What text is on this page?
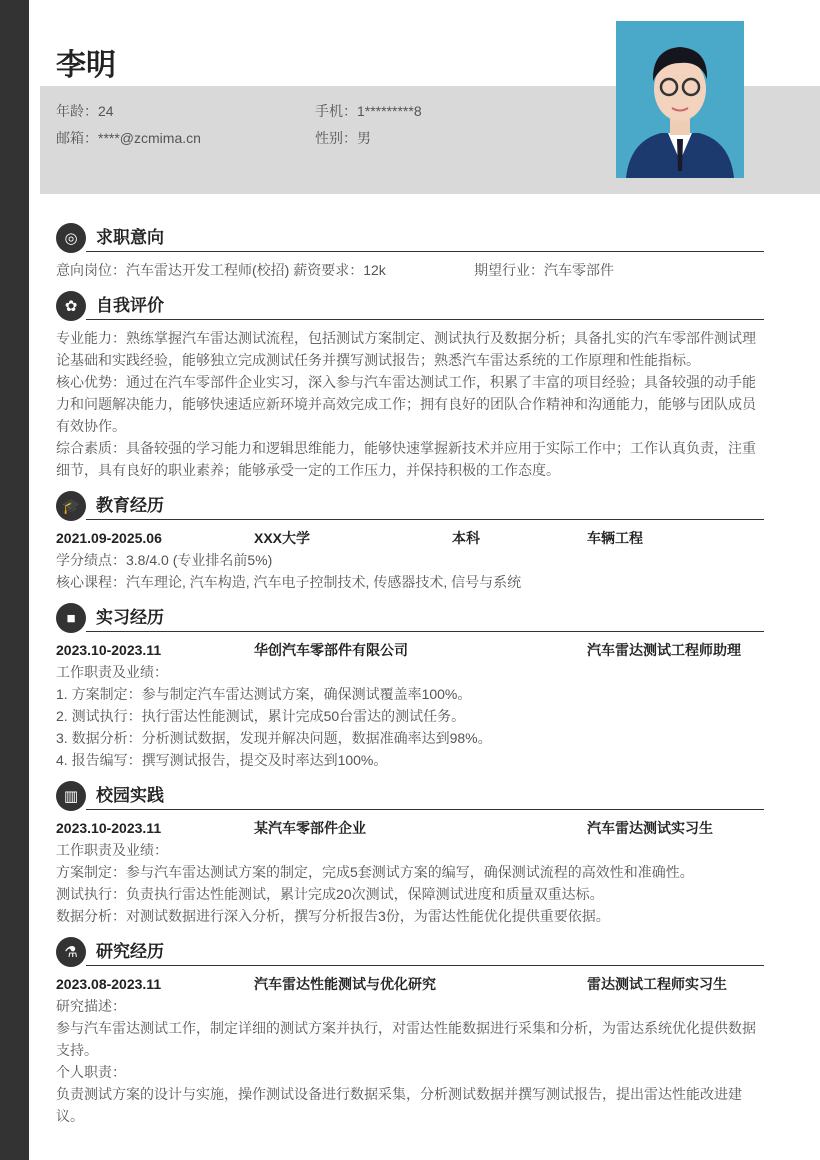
李明
年龄：24	手机：1*********8
邮箱：****@zcmima.cn	性别：男
◎	求职意向
意向岗位：汽车雷达开发工程师(校招) 薪资要求：12k	期望行业：汽车零部件
✿	自我评价
专业能力：熟练掌握汽车雷达测试流程，包括测试方案制定、测试执行及数据分析；具备扎实的汽车零部件测试理论基础和实践经验，能够独立完成测试任务并撰写测试报告；熟悉汽车雷达系统的工作原理和性能指标。
核心优势：通过在汽车零部件企业实习，深入参与汽车雷达测试工作，积累了丰富的项目经验；具备较强的动手能力和问题解决能力，能够快速适应新环境并高效完成工作；拥有良好的团队合作精神和沟通能力，能够与团队成员有效协作。
综合素质：具备较强的学习能力和逻辑思维能力，能够快速掌握新技术并应用于实际工作中；工作认真负责，注重细节，具有良好的职业素养；能够承受一定的工作压力，并保持积极的工作态度。
🎓 教育经历
2021.09-2025.06	XXX大学	本科	车辆工程
学分绩点：3.8/4.0 (专业排名前5%)
核心课程：汽车理论, 汽车构造, 汽车电子控制技术, 传感器技术, 信号与系统
■	实习经历
2023.10-2023.11	华创汽车零部件有限公司	汽车雷达测试工程师助理
工作职责及业绩：
1. 方案制定：参与制定汽车雷达测试方案，确保测试覆盖率100%。
2. 测试执行：执行雷达性能测试，累计完成50台雷达的测试任务。
3. 数据分析：分析测试数据，发现并解决问题，数据准确率达到98%。
4. 报告编写：撰写测试报告，提交及时率达到100%。
▥	校园实践
2023.10-2023.11	某汽车零部件企业	汽车雷达测试实习生
工作职责及业绩：
方案制定：参与汽车雷达测试方案的制定，完成5套测试方案的编写，确保测试流程的高效性和准确性。
测试执行：负责执行雷达性能测试，累计完成20次测试，保障测试进度和质量双重达标。
数据分析：对测试数据进行深入分析，撰写分析报告3份，为雷达性能优化提供重要依据。
⚗	研究经历
2023.08-2023.11	汽车雷达性能测试与优化研究	雷达测试工程师实习生
研究描述：
参与汽车雷达测试工作，制定详细的测试方案并执行，对雷达性能数据进行采集和分析，为雷达系统优化提供数据支持。
个人职责：
负责测试方案的设计与实施，操作测试设备进行数据采集，分析测试数据并撰写测试报告，提出雷达性能改进建议。
